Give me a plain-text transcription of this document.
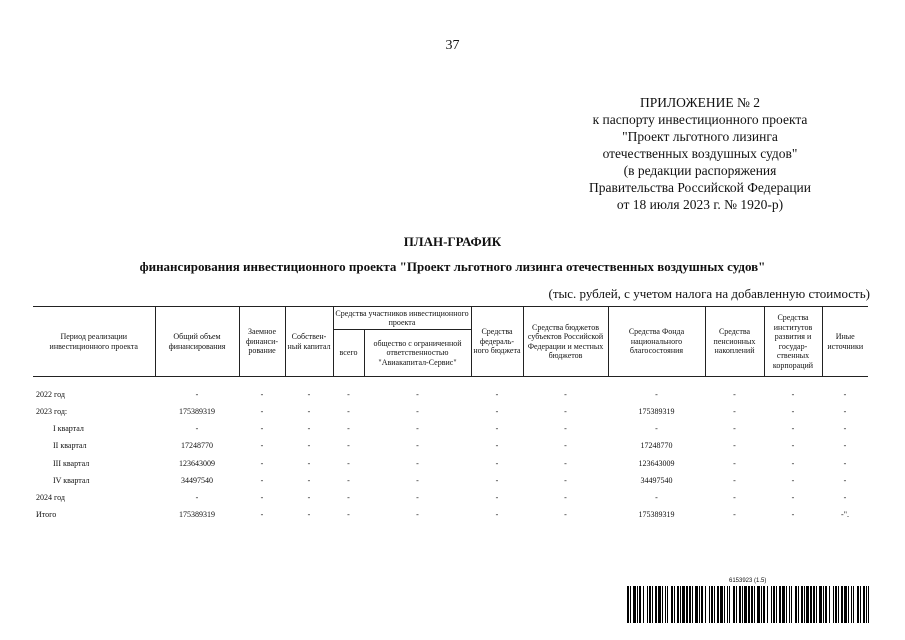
37
ПРИЛОЖЕНИЕ № 2
к паспорту инвестиционного проекта
"Проект льготного лизинга
отечественных воздушных судов"
(в редакции распоряжения
Правительства Российской Федерации
от 18 июля 2023 г. № 1920-р)
ПЛАН-ГРАФИК
финансирования инвестиционного проекта "Проект льготного лизинга отечественных воздушных судов"
(тыс. рублей, с учетом налога на добавленную стоимость)
Период реализации инвестиционного проекта	Общий объем финансирования	Заемное финанси-рование	Собствен-ный капитал	Средства участников инвестиционного проекта		Средства федераль-ного бюджета	Средства бюджетов субъектов Российской Федерации и местных бюджетов	Средства Фонда национального благосостояния	Средства пенсионных накоплений	Средства институтов развития и государ-ственных корпораций	Иные источники
				всего	общество с ограниченной ответственностью "Авиакапитал-Сервис"						

2022 год	-	-	-	-	-	-	-	-	-	-	-
2023 год:	175389319	-	-	-	-	-	-	175389319	-	-	-
I квартал	-	-	-	-	-	-	-	-	-	-	-
II квартал	17248770	-	-	-	-	-	-	17248770	-	-	-
III квартал	123643009	-	-	-	-	-	-	123643009	-	-	-
IV квартал	34497540	-	-	-	-	-	-	34497540	-	-	-
2024 год	-	-	-	-	-	-	-	-	-	-	-
Итого	175389319	-	-	-	-	-	-	175389319	-	-	-".
6153923 (1.5)
